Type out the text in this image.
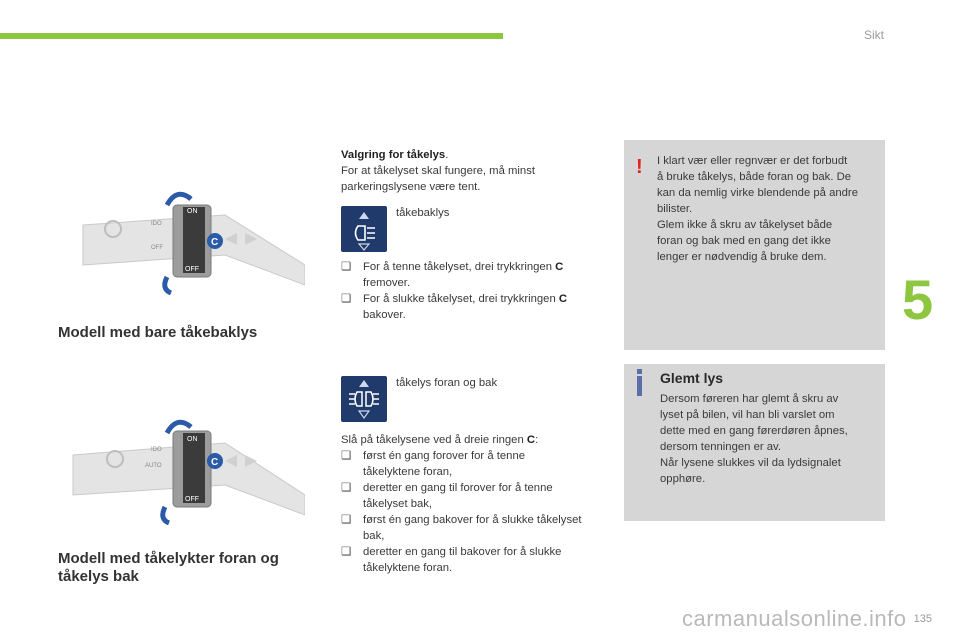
Sikt
5
135
ON
IDO
OFF
OFF
C
Modell med bare tåkebaklys
ON
IDO
AUTO
OFF
C
Modell med tåkelykter foran og
tåkelys bak
Valgring for tåkelys.
For at tåkelyset skal fungere, må minst
parkeringslysene være tent.
tåkebaklys
❑ For å tenne tåkelyset, drei trykkringen C
fremover.
❑ For å slukke tåkelyset, drei trykkringen C
bakover.
tåkelys foran og bak
Slå på tåkelysene ved å dreie ringen C:
❑ først én gang forover for å tenne
tåkelyktene foran,
❑ deretter en gang til forover for å tenne
tåkelyset bak,
❑ først én gang bakover for å slukke tåkelyset
bak,
❑ deretter en gang til bakover for å slukke
tåkelyktene foran.
! I klart vær eller regnvær er det forbudt
å bruke tåkelys, både foran og bak. De
kan da nemlig virke blendende på andre
bilister.
Glem ikke å skru av tåkelyset både
foran og bak med en gang det ikke
lenger er nødvendig å bruke dem.
Glemt lys
Dersom føreren har glemt å skru av
lyset på bilen, vil han bli varslet om
dette med en gang førerdøren åpnes,
dersom tenningen er av.
Når lysene slukkes vil da lydsignalet
opphøre.
carmanualsonline.info
